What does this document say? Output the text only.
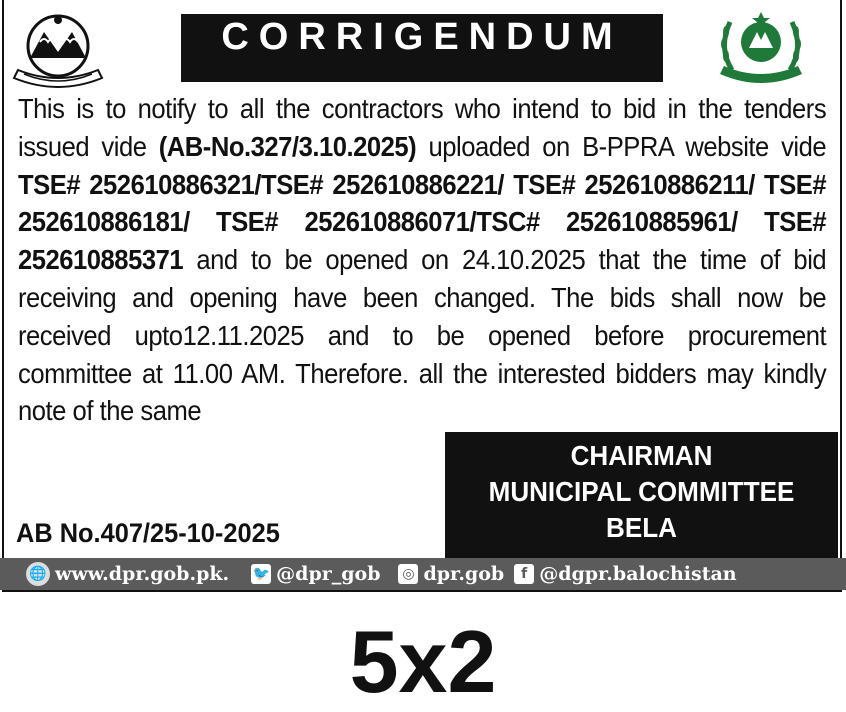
CORRIGENDUM
This is to notify to all the contractors who intend to bid in the tenders issued vide (AB-No.327/3.10.2025) uploaded on B-PPRA website vide TSE# 252610886321/TSE# 252610886221/ TSE# 252610886211/ TSE# 252610886181/ TSE# 252610886071/TSC# 252610885961/ TSE# 252610885371 and to be opened on 24.10.2025 that the time of bid receiving and opening have been changed. The bids shall now be received upto12.11.2025 and to be opened before procurement committee at 11.00 AM. Therefore. all the interested bidders may kindly note of the same
CHAIRMAN
MUNICIPAL COMMITTEE
BELA
AB No.407/25-10-2025
🌐 www.dpr.gob.pk. 🐦 @dpr_gob ◎ dpr.gob	f @dgpr.balochistan
5x2
